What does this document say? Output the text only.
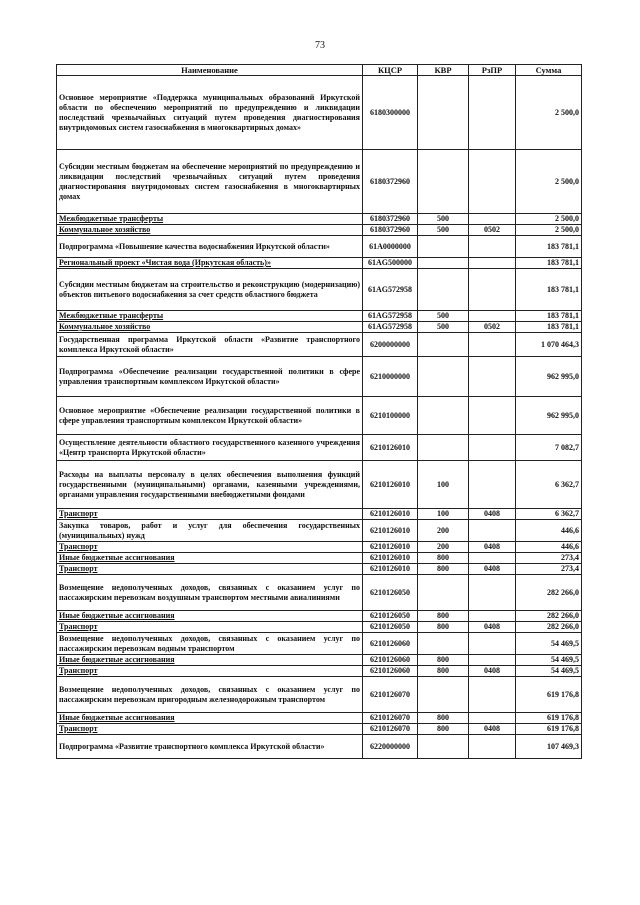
73
Наименование	КЦСР	КВР	РзПР	Сумма
Основное мероприятие «Поддержка муниципальных образований Иркутской области по обеспечению мероприятий по предупреждению и ликвидации последствий чрезвычайных ситуаций путем проведения диагностирования внутридомовых систем газоснабжения в многоквартирных домах»	6180300000			2 500,0
Субсидии местным бюджетам на обеспечение мероприятий по предупреждению и ликвидации последствий чрезвычайных ситуаций путем проведения диагностирования внутридомовых систем газоснабжения в многоквартирных домах	6180372960			2 500,0
Межбюджетные трансферты	6180372960	500		2 500,0
Коммунальное хозяйство	6180372960	500	0502	2 500,0
Подпрограмма «Повышение качества водоснабжения Иркутской области»	61А0000000			183 781,1
Региональный проект «Чистая вода (Иркутская область)»	61АG500000			183 781,1
Субсидии местным бюджетам на строительство и реконструкцию (модернизацию) объектов питьевого водоснабжения за счет средств областного бюджета	61АG572958			183 781,1
Межбюджетные трансферты	61АG572958	500		183 781,1
Коммунальное хозяйство	61АG572958	500	0502	183 781,1
Государственная программа Иркутской области «Развитие транспортного комплекса Иркутской области»	6200000000			1 070 464,3
Подпрограмма «Обеспечение реализации государственной политики в сфере управления транспортным комплексом Иркутской области»	6210000000			962 995,0
Основное мероприятие «Обеспечение реализации государственной политики в сфере управления транспортным комплексом Иркутской области»	6210100000			962 995,0
Осуществление деятельности областного государственного казенного учреждения «Центр транспорта Иркутской области»	6210126010			7 082,7
Расходы на выплаты персоналу в целях обеспечения выполнения функций государственными (муниципальными) органами, казенными учреждениями, органами управления государственными внебюджетными фондами	6210126010	100		6 362,7
Транспорт	6210126010	100	0408	6 362,7
Закупка товаров, работ и услуг для обеспечения государственных (муниципальных) нужд	6210126010	200		446,6
Транспорт	6210126010	200	0408	446,6
Иные бюджетные ассигнования	6210126010	800		273,4
Транспорт	6210126010	800	0408	273,4
Возмещение недополученных доходов, связанных с оказанием услуг по пассажирским перевозкам воздушным транспортом местными авиалиниями	6210126050			282 266,0
Иные бюджетные ассигнования	6210126050	800		282 266,0
Транспорт	6210126050	800	0408	282 266,0
Возмещение недополученных доходов, связанных с оказанием услуг по пассажирским перевозкам водным транспортом	6210126060			54 469,5
Иные бюджетные ассигнования	6210126060	800		54 469,5
Транспорт	6210126060	800	0408	54 469,5
Возмещение недополученных доходов, связанных с оказанием услуг по пассажирским перевозкам пригородным железнодорожным транспортом	6210126070			619 176,8
Иные бюджетные ассигнования	6210126070	800		619 176,8
Транспорт	6210126070	800	0408	619 176,8
Подпрограмма «Развитие транспортного комплекса Иркутской области»	6220000000			107 469,3
